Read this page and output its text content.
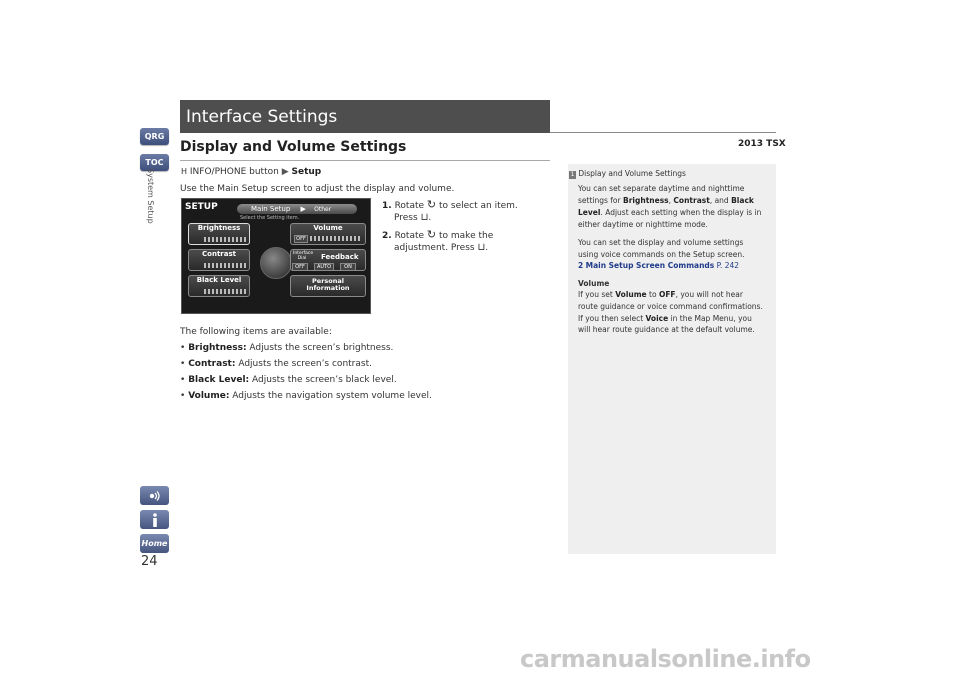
QRG
TOC
System Setup
Home
24
Interface Settings
2013 TSX
Display and Volume Settings
H INFO/PHONE button ▶ Setup
Use the Main Setup screen to adjust the display and volume.
1. Rotate ↻ to select an item.
Press ⊔.
2. Rotate ↻ to make the
adjustment. Press ⊔.
SETUP	Main Setup ▶ Other
Select the Setting item.
Brightness
Contrast
Black Level
Volume
OFF
Interface Dial	Feedback
OFF	AUTO	ON
Personal Information
The following items are available:
• Brightness: Adjusts the screen’s brightness.
• Contrast: Adjusts the screen’s contrast.
• Black Level: Adjusts the screen’s black level.
• Volume: Adjusts the navigation system volume level.
1 Display and Volume Settings
You can set separate daytime and nighttime
settings for Brightness, Contrast, and Black
Level. Adjust each setting when the display is in
either daytime or nighttime mode.
You can set the display and volume settings
using voice commands on the Setup screen.
2 Main Setup Screen Commands P. 242
Volume
If you set Volume to OFF, you will not hear
route guidance or voice command confirmations.
If you then select Voice in the Map Menu, you
will hear route guidance at the default volume.
carmanualsonline.info
